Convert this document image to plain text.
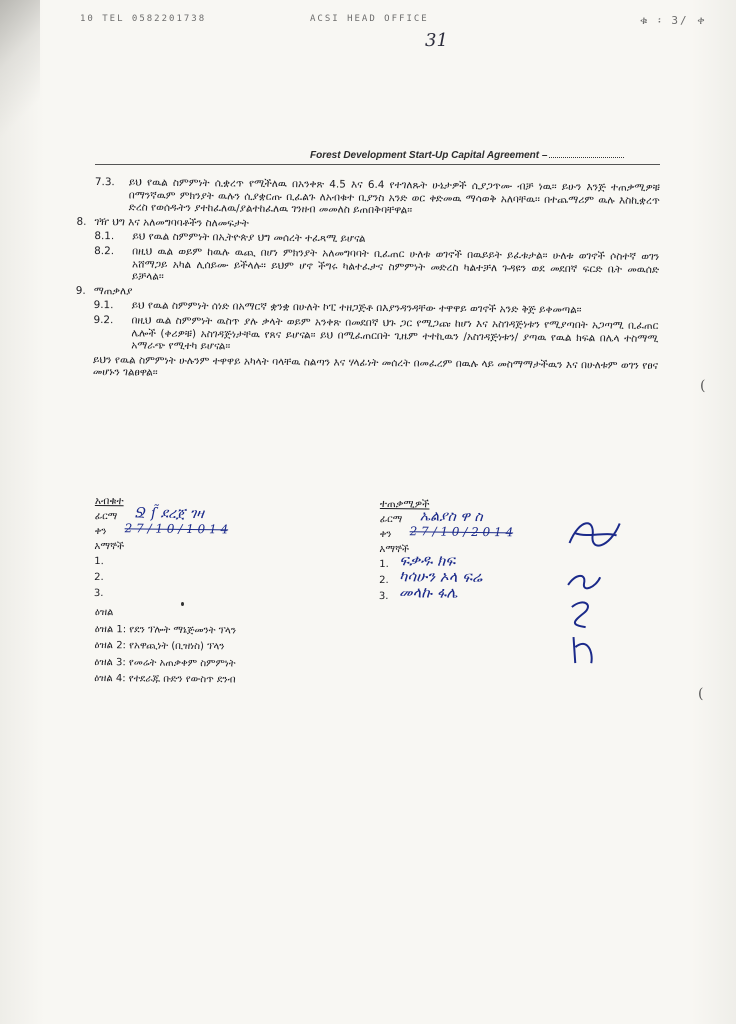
10 TEL 0582201738	ACSI HEAD OFFICE	ቁ ፡ 3/ ቀ
31
Forest Development Start-Up Capital Agreement –
7.3. ይህ የዉል ስምምነት ሲቋረጥ የሚችለዉ በአንቀጽ 4.5 እና 6.4 የተገለጹት ሁኔታዎች ሲያጋጥሙ ብቻ ነዉ። ይሁን እንጅ ተጠቃሚዎቹ በማንኛዉም ምክንያት ዉሉን ሲያቋርጡ ቢፈልጉ ለአብቁተ ቢያንስ አንድ ወር ቀድመዉ ማሳወቅ አለባቸዉ። በተጨማሪም ዉሉ እስኪቋረጥ ድረስ የወሰዱትን ያተከፈለዉ/ያልተከፈለዉ ገንዘብ መመለስ ይጠበቅባቸዋል።
8. ገዥ ህግ እና አለመግባባቶችን ስለመፍታት
8.1. ይህ የዉል ስምምነት በኢትዮጵያ ህግ መሰረት ተፈጻሚ ይሆናል
8.2. በዚህ ዉል ወይም ከዉሉ ዉጪ በሆነ ምክንያት አለመግባባት ቢፈጠር ሁለቱ ወገኖች በዉይይት ይፈቱታል። ሁለቱ ወገኖች ሶስተኛ ወገን አሸማጋይ አካል ሊሰይሙ ይችላሉ። ይህም ሆኖ ችግሩ ካልተፈታና ስምምነት መድረስ ካልተቻለ ጉዳዩን ወደ መደበኛ ፍርድ ቤት መዉሰድ ይቻላል።
9. ማጠቃለያ
9.1. ይህ የዉል ስምምነት ሰነድ በአማርኛ ቋንቋ በሁለት ኮፒ ተዘጋጅቶ በእያንዳንዳቸው ተዋዋይ ወገኖች አንድ ቅጅ ይቀመጣል።
9.2. በዚህ ዉል ስምምነት ዉስጥ ያሉ ቃላት ወይም አንቀጽ በመደበኛ ህጉ ጋር የሚጋጩ ከሆነ እና አስገዳጅነቱን የሚያጣበት አጋጣሚ ቢፈጠር ሌሎች (ቀሪዎቹ) አስገዳጅነታቸዉ የጸና ይሆናል። ይህ በሚፈጠርበት ጊዜም ተተኪዉን /አስገዳጅነቱን/ ያጣዉ የዉል ክፍል በሌላ ተስማሚ አማራጭ የሚተካ ይሆናል።
ይህን የዉል ስምምነት ሁሉንም ተዋዋይ አካላት ባላቸዉ ስልጣን እና ሃላፊነት መሰረት በመፈረም በዉሉ ላይ መስማማታችዉን እና በሁለቱም ወገን የፀና መሆኑን ገልፀዋል።
አብቁተ
ፊርማ Ջ ſ̃ ደረጀ ገዛ
ቀን 2 7 / 1 0 / 1 0 1 4
እማኞች
1.
2.
3.
ተጠቃሚዎች
ፊርማ ኤልያስ ዋ ስ
ቀን 2 7 / 1 0 / 2 0 1 4
እማኞች
1. ፍቃዱ ክፍ
2. ካሳሁን ኦላ ፍሬ
3. መላኩ ፋሌ
ዕዝል
ዕዝል 1: የደን ፕሎት ማኔጅመንት ፕላን
ዕዝል 2: የአዋጪነት (ቢዝነስ) ፕላን
ዕዝል 3: የመሬት አጠቃቀም ስምምነት
ዕዝል 4: የተደራጁ ቡድን የውስጥ ደንብ
(
(
